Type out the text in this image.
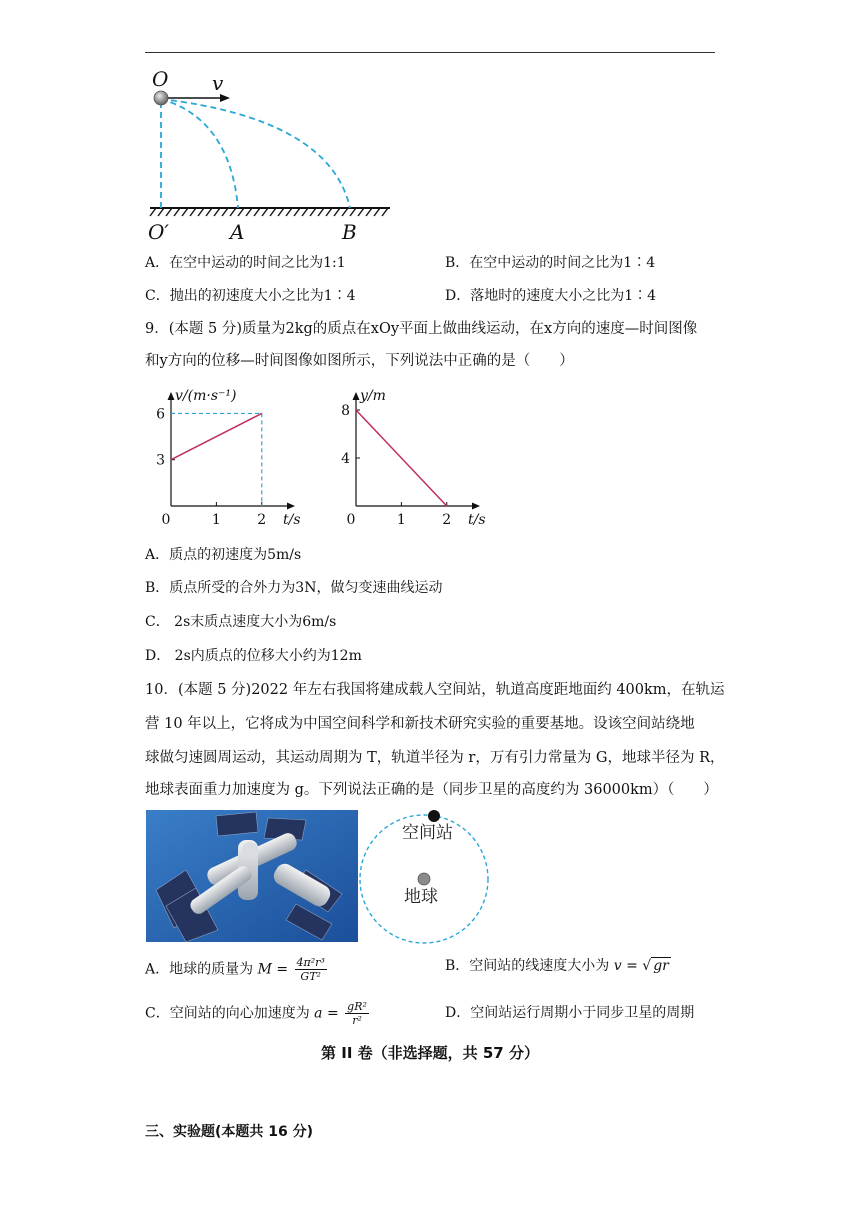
O v
O′	A	B
A．在空中运动的时间之比为1:1	B．在空中运动的时间之比为1∶4
C．抛出的初速度大小之比为1∶4	D．落地时的速度大小之比为1∶4
9．(本题 5 分)质量为2kg的质点在xOy平面上做曲线运动，在x方向的速度—时间图像
和y方向的位移—时间图像如图所示，下列说法中正确的是（　　）
0	1	2
3
6
v/(m·s⁻¹)
t/s	0	1	2
4
8
y/m
t/s
A．质点的初速度为5m/s
B．质点所受的合外力为3N，做匀变速曲线运动
C． 2s末质点速度大小为6m/s
D． 2s内质点的位移大小约为12m
10．(本题 5 分)2022 年左右我国将建成载人空间站，轨道高度距地面约 400km，在轨运
营 10 年以上，它将成为中国空间科学和新技术研究实验的重要基地。设该空间站绕地
球做匀速圆周运动，其运动周期为 T，轨道半径为 r，万有引力常量为 G，地球半径为 R，
地球表面重力加速度为 g。下列说法正确的是（同步卫星的高度约为 36000km）（　　）
空间站
地球
A．地球的质量为 $M = \frac{\text{4π²r³}}{\text{GT²}}$	B．空间站的线速度大小为 v = √ gr
C．空间站的向心加速度为 $a = \frac{\text{gR²}}{\text{r²}}$	D．空间站运行周期小于同步卫星的周期
第 II 卷（非选择题，共 57 分）
三、实验题(本题共 16 分)
